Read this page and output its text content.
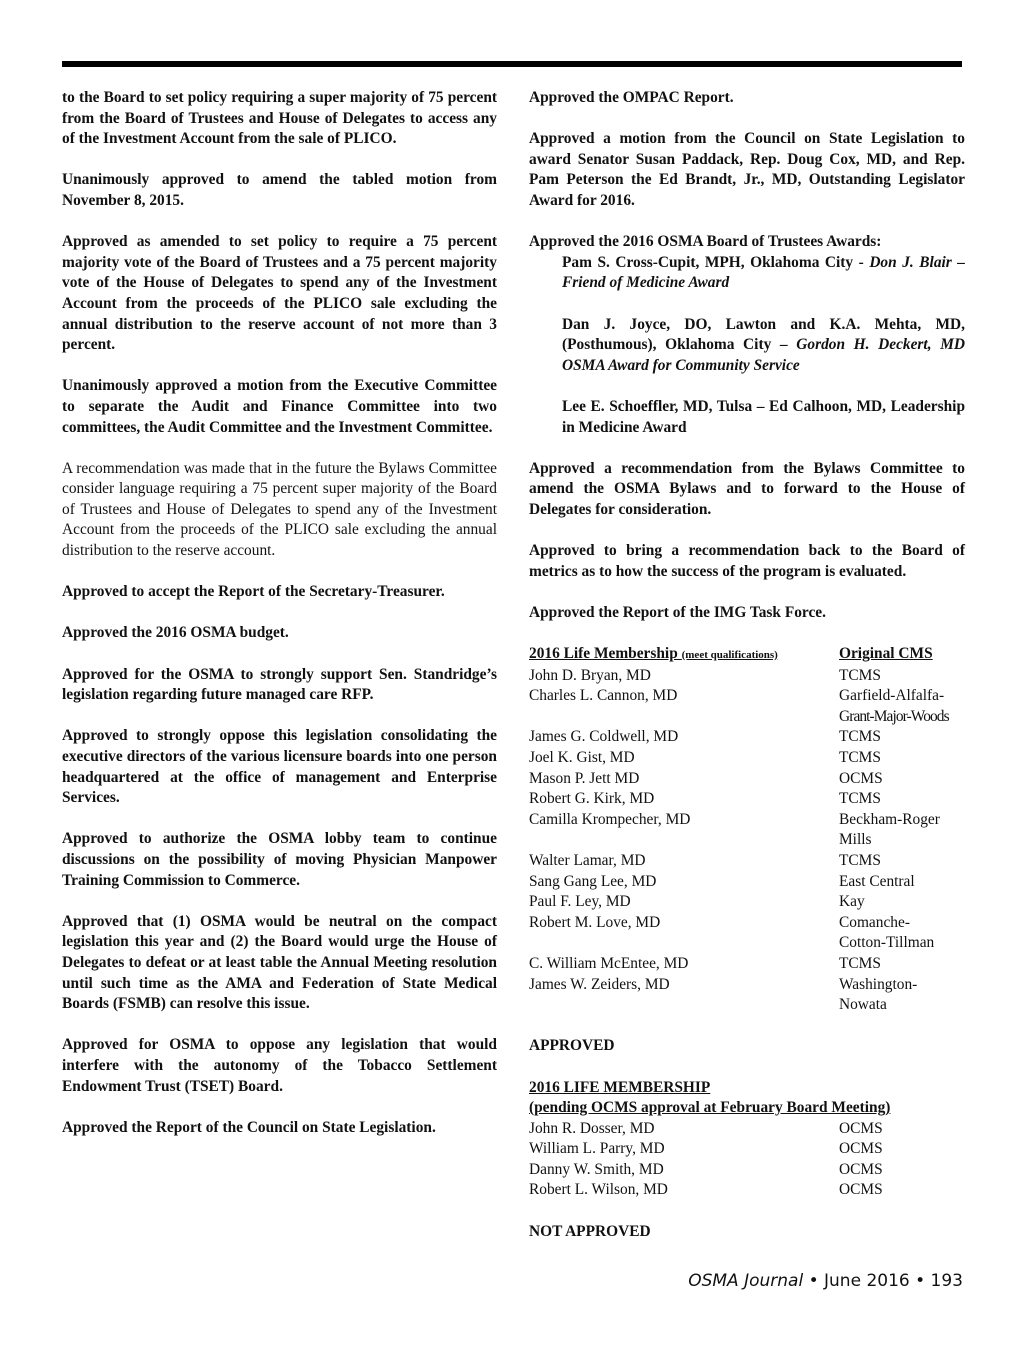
to the Board to set policy requiring a super majority of 75 percent from the Board of Trustees and House of Delegates to access any of the Investment Account from the sale of PLICO.

Unanimously approved to amend the tabled motion from November 8, 2015.

Approved as amended to set policy to require a 75 percent majority vote of the Board of Trustees and a 75 percent majority vote of the House of Delegates to spend any of the Investment Account from the proceeds of the PLICO sale excluding the annual distribution to the reserve account of not more than 3 percent.

Unanimously approved a motion from the Executive Committee to separate the Audit and Finance Committee into two committees, the Audit Committee and the Investment Committee.

A recommendation was made that in the future the Bylaws Committee consider language requiring a 75 percent super majority of the Board of Trustees and House of Delegates to spend any of the Investment Account from the proceeds of the PLICO sale excluding the annual distribution to the reserve account.

Approved to accept the Report of the Secretary-Treasurer.

Approved the 2016 OSMA budget.

Approved for the OSMA to strongly support Sen. Standridge’s legislation regarding future managed care RFP.

Approved to strongly oppose this legislation consolidating the executive directors of the various licensure boards into one person headquartered at the office of management and Enterprise Services.

Approved to authorize the OSMA lobby team to continue discussions on the possibility of moving Physician Manpower Training Commission to Commerce.

Approved that (1) OSMA would be neutral on the compact legislation this year and (2) the Board would urge the House of Delegates to defeat or at least table the Annual Meeting resolution until such time as the AMA and Federation of State Medical Boards (FSMB) can resolve this issue.

Approved for OSMA to oppose any legislation that would interfere with the autonomy of the Tobacco Settlement Endowment Trust (TSET) Board.

Approved the Report of the Council on State Legislation.

Approved the OMPAC Report.

Approved a motion from the Council on State Legislation to award Senator Susan Paddack, Rep. Doug Cox, MD, and Rep. Pam Peterson the Ed Brandt, Jr., MD, Outstanding Legislator Award for 2016.

Approved the 2016 OSMA Board of Trustees Awards:

Pam S. Cross-Cupit, MPH, Oklahoma City - Don J. Blair – Friend of Medicine Award

Dan J. Joyce, DO, Lawton and K.A. Mehta, MD, (Posthumous), Oklahoma City – Gordon H. Deckert, MD OSMA Award for Community Service

Lee E. Schoeffler, MD, Tulsa – Ed Calhoon, MD, Leadership in Medicine Award

Approved a recommendation from the Bylaws Committee to amend the OSMA Bylaws and to forward to the House of Delegates for consideration.

Approved to bring a recommendation back to the Board of metrics as to how the success of the program is evaluated.

Approved the Report of the IMG Task Force.

2016 Life Membership (meet qualifications)	Original CMS
John D. Bryan, MD	TCMS
Charles L. Cannon, MD	Garfield-Alfalfa-
Grant-Major-Woods
James G. Coldwell, MD	TCMS
Joel K. Gist, MD	TCMS
Mason P. Jett MD	OCMS
Robert G. Kirk, MD	TCMS
Camilla Krompecher, MD	Beckham-Roger
Mills
Walter Lamar, MD	TCMS
Sang Gang Lee, MD	East Central
Paul F. Ley, MD	Kay
Robert M. Love, MD	Comanche-
Cotton-Tillman
C. William McEntee, MD	TCMS
James W. Zeiders, MD	Washington-
Nowata
APPROVED
2016 LIFE MEMBERSHIP
(pending OCMS approval at February Board Meeting)
John R. Dosser, MD	OCMS
William L. Parry, MD	OCMS
Danny W. Smith, MD	OCMS
Robert L. Wilson, MD	OCMS
NOT APPROVED
OSMA Journal • June 2016 • 193
